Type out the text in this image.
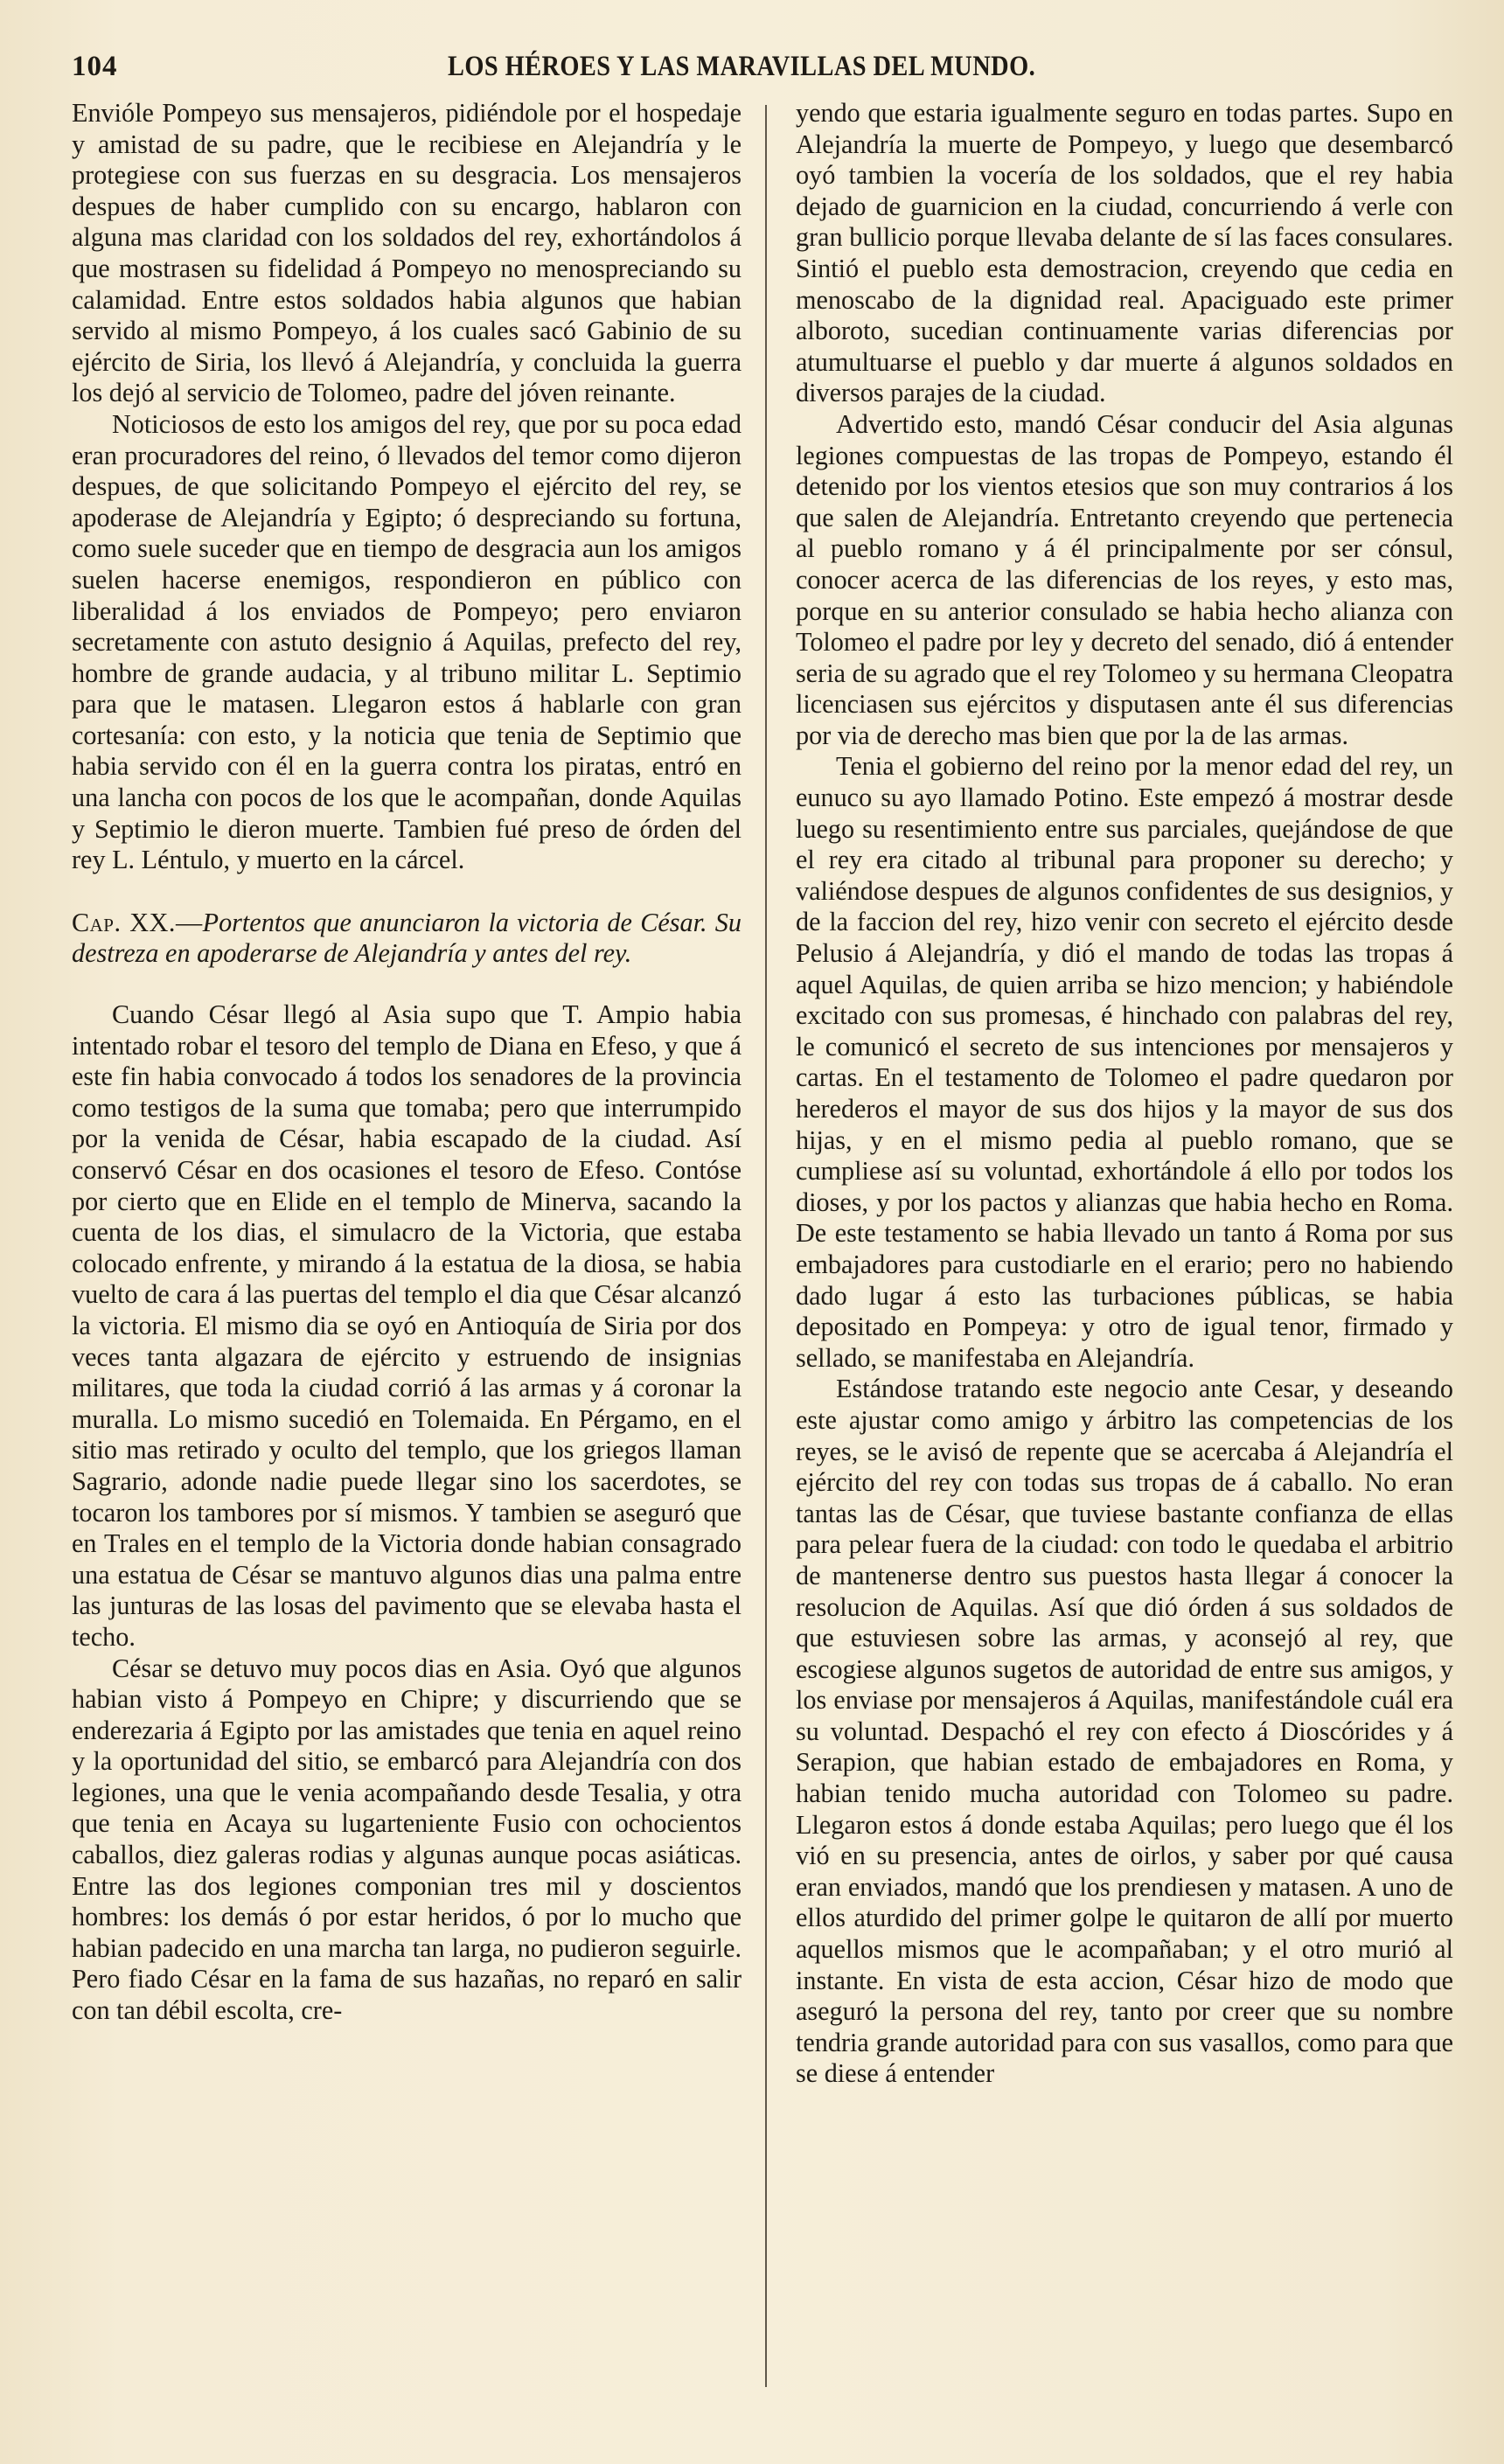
104	LOS HÉROES Y LAS MARAVILLAS DEL MUNDO.

Envióle Pompeyo sus mensajeros, pidiéndole por el hospedaje y amistad de su padre, que le recibiese en Alejandría y le protegiese con sus fuerzas en su desgracia. Los mensajeros despues de haber cumplido con su encargo, hablaron con alguna mas claridad con los soldados del rey, exhortándolos á que mostrasen su fidelidad á Pompeyo no menospreciando su calamidad. Entre estos soldados habia algunos que habian servido al mismo Pompeyo, á los cuales sacó Gabinio de su ejército de Siria, los llevó á Alejandría, y concluida la guerra los dejó al servicio de Tolomeo, padre del jóven reinante.

Noticiosos de esto los amigos del rey, que por su poca edad eran procuradores del reino, ó llevados del temor como dijeron despues, de que solicitando Pompeyo el ejército del rey, se apoderase de Alejandría y Egipto; ó despreciando su fortuna, como suele suceder que en tiempo de desgracia aun los amigos suelen hacerse enemigos, respondieron en público con liberalidad á los enviados de Pompeyo; pero enviaron secretamente con astuto designio á Aquilas, prefecto del rey, hombre de grande audacia, y al tribuno militar L. Septimio para que le matasen. Llegaron estos á hablarle con gran cortesanía: con esto, y la noticia que tenia de Septimio que habia servido con él en la guerra contra los piratas, entró en una lancha con pocos de los que le acompañan, donde Aquilas y Septimio le dieron muerte. Tambien fué preso de órden del rey L. Léntulo, y muerto en la cárcel.

Cap. XX.—Portentos que anunciaron la victoria de César. Su destreza en apoderarse de Alejandría y antes del rey.

Cuando César llegó al Asia supo que T. Ampio habia intentado robar el tesoro del templo de Diana en Efeso, y que á este fin habia convocado á todos los senadores de la provincia como testigos de la suma que tomaba; pero que interrumpido por la venida de César, habia escapado de la ciudad. Así conservó César en dos ocasiones el tesoro de Efeso. Contóse por cierto que en Elide en el templo de Minerva, sacando la cuenta de los dias, el simulacro de la Victoria, que estaba colocado enfrente, y mirando á la estatua de la diosa, se habia vuelto de cara á las puertas del templo el dia que César alcanzó la victoria. El mismo dia se oyó en Antioquía de Siria por dos veces tanta algazara de ejército y estruendo de insignias militares, que toda la ciudad corrió á las armas y á coronar la muralla. Lo mismo sucedió en Tolemaida. En Pérgamo, en el sitio mas retirado y oculto del templo, que los griegos llaman Sagrario, adonde nadie puede llegar sino los sacerdotes, se tocaron los tambores por sí mismos. Y tambien se aseguró que en Trales en el templo de la Victoria donde habian consagrado una estatua de César se mantuvo algunos dias una palma entre las junturas de las losas del pavimento que se elevaba hasta el techo.

César se detuvo muy pocos dias en Asia. Oyó que algunos habian visto á Pompeyo en Chipre; y discurriendo que se enderezaria á Egipto por las amistades que tenia en aquel reino y la oportunidad del sitio, se embarcó para Alejandría con dos legiones, una que le venia acompañando desde Tesalia, y otra que tenia en Acaya su lugarteniente Fusio con ochocientos caballos, diez galeras rodias y algunas aunque pocas asiáticas. Entre las dos legiones componian tres mil y doscientos hombres: los demás ó por estar heridos, ó por lo mucho que habian padecido en una marcha tan larga, no pudieron seguirle. Pero fiado César en la fama de sus hazañas, no reparó en salir con tan débil escolta, cre-

yendo que estaria igualmente seguro en todas partes. Supo en Alejandría la muerte de Pompeyo, y luego que desembarcó oyó tambien la vocería de los soldados, que el rey habia dejado de guarnicion en la ciudad, concurriendo á verle con gran bullicio porque llevaba delante de sí las faces consulares. Sintió el pueblo esta demostracion, creyendo que cedia en menoscabo de la dignidad real. Apaciguado este primer alboroto, sucedian continuamente varias diferencias por atumultuarse el pueblo y dar muerte á algunos soldados en diversos parajes de la ciudad.

Advertido esto, mandó César conducir del Asia algunas legiones compuestas de las tropas de Pompeyo, estando él detenido por los vientos etesios que son muy contrarios á los que salen de Alejandría. Entretanto creyendo que pertenecia al pueblo romano y á él principalmente por ser cónsul, conocer acerca de las diferencias de los reyes, y esto mas, porque en su anterior consulado se habia hecho alianza con Tolomeo el padre por ley y decreto del senado, dió á entender seria de su agrado que el rey Tolomeo y su hermana Cleopatra licenciasen sus ejércitos y disputasen ante él sus diferencias por via de derecho mas bien que por la de las armas.

Tenia el gobierno del reino por la menor edad del rey, un eunuco su ayo llamado Potino. Este empezó á mostrar desde luego su resentimiento entre sus parciales, quejándose de que el rey era citado al tribunal para proponer su derecho; y valiéndose despues de algunos confidentes de sus designios, y de la faccion del rey, hizo venir con secreto el ejército desde Pelusio á Alejandría, y dió el mando de todas las tropas á aquel Aquilas, de quien arriba se hizo mencion; y habiéndole excitado con sus promesas, é hinchado con palabras del rey, le comunicó el secreto de sus intenciones por mensajeros y cartas. En el testamento de Tolomeo el padre quedaron por herederos el mayor de sus dos hijos y la mayor de sus dos hijas, y en el mismo pedia al pueblo romano, que se cumpliese así su voluntad, exhortándole á ello por todos los dioses, y por los pactos y alianzas que habia hecho en Roma. De este testamento se habia llevado un tanto á Roma por sus embajadores para custodiarle en el erario; pero no habiendo dado lugar á esto las turbaciones públicas, se habia depositado en Pompeya: y otro de igual tenor, firmado y sellado, se manifestaba en Alejandría.

Estándose tratando este negocio ante Cesar, y deseando este ajustar como amigo y árbitro las competencias de los reyes, se le avisó de repente que se acercaba á Alejandría el ejército del rey con todas sus tropas de á caballo. No eran tantas las de César, que tuviese bastante confianza de ellas para pelear fuera de la ciudad: con todo le quedaba el arbitrio de mantenerse dentro sus puestos hasta llegar á conocer la resolucion de Aquilas. Así que dió órden á sus soldados de que estuviesen sobre las armas, y aconsejó al rey, que escogiese algunos sugetos de autoridad de entre sus amigos, y los enviase por mensajeros á Aquilas, manifestándole cuál era su voluntad. Despachó el rey con efecto á Dioscórides y á Serapion, que habian estado de embajadores en Roma, y habian tenido mucha autoridad con Tolomeo su padre. Llegaron estos á donde estaba Aquilas; pero luego que él los vió en su presencia, antes de oirlos, y saber por qué causa eran enviados, mandó que los prendiesen y matasen. A uno de ellos aturdido del primer golpe le quitaron de allí por muerto aquellos mismos que le acompañaban; y el otro murió al instante. En vista de esta accion, César hizo de modo que aseguró la persona del rey, tanto por creer que su nombre tendria grande autoridad para con sus vasallos, como para que se diese á entender
